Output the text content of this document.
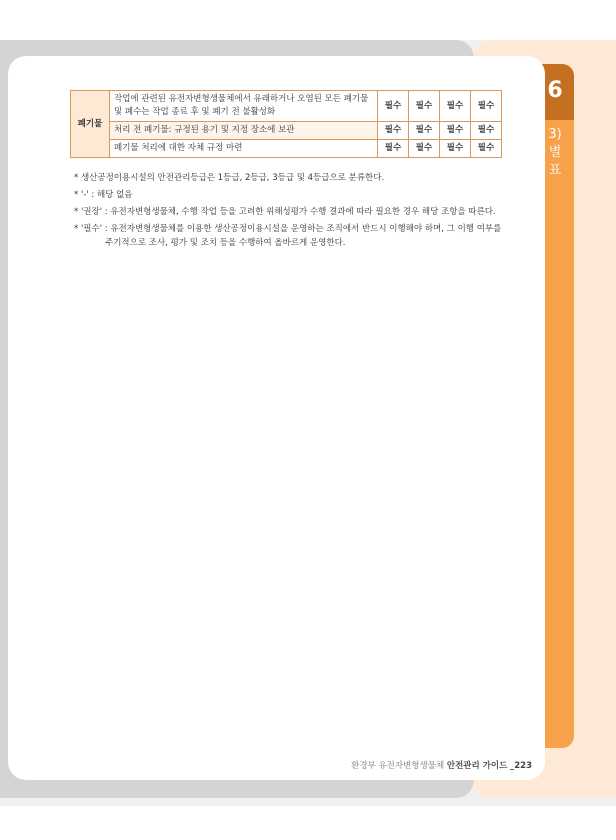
6
3)
별
표
폐기물	작업에 관련된 유전자변형생물체에서 유래하거나 오염된 모든 폐기물 및 폐수는 작업 종료 후 및 폐기 전 불활성화	필수	필수	필수	필수
	처리 전 폐기물: 규정된 용기 및 지정 장소에 보관	필수	필수	필수	필수
	폐기물 처리에 대한 자체 규정 마련	필수	필수	필수	필수

* 생산공정이용시설의 안전관리등급은 1등급, 2등급, 3등급 및 4등급으로 분류한다.

* '-' : 해당 없음

* '권장' : 유전자변형생물체, 수행 작업 등을 고려한 위해성평가 수행 결과에 따라 필요한 경우 해당 조항을 따른다.

* '필수' : 유전자변형생물체를 이용한 생산공정이용시설을 운영하는 조직에서 반드시 이행해야 하며, 그 이행 여부를

주기적으로 조사, 평가 및 조치 등을 수행하여 올바르게 운영한다.

환경부 유전자변형생물체 안전관리 가이드 _223
